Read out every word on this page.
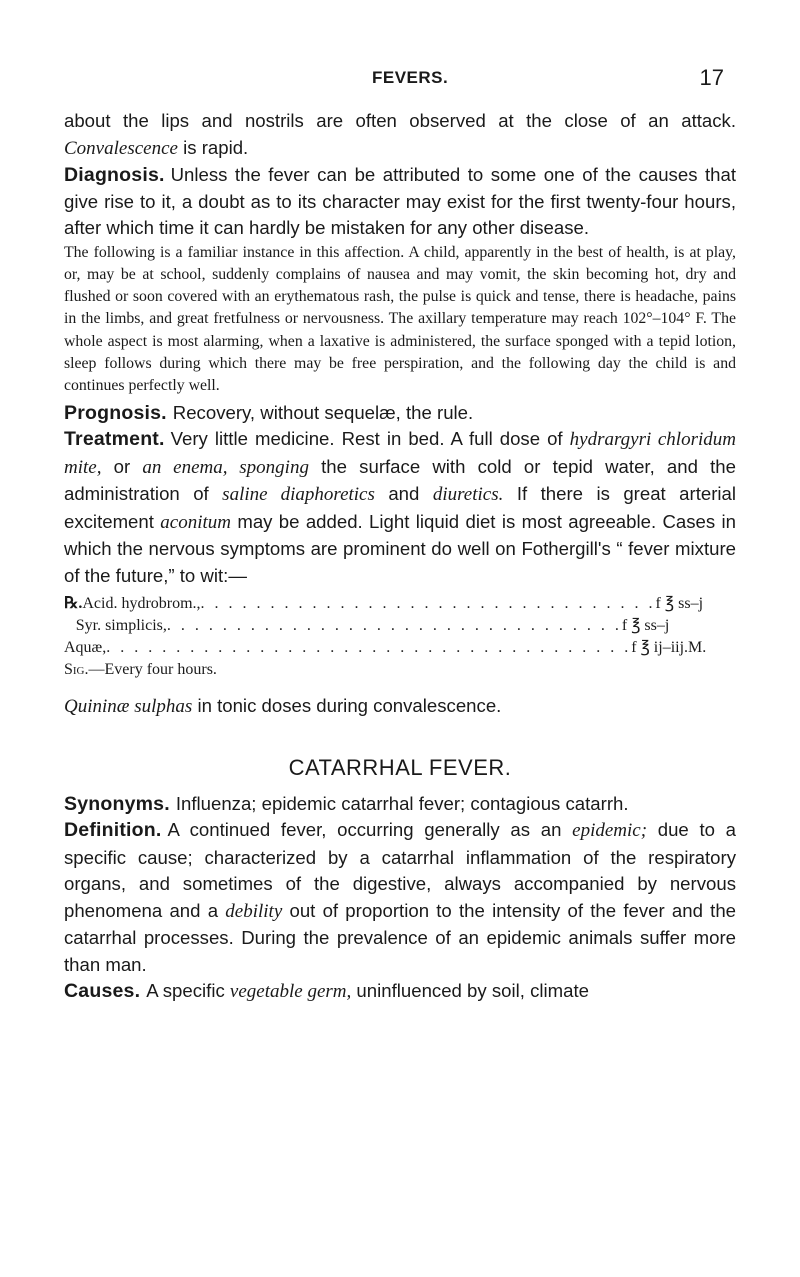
FEVERS.	17

about the lips and nostrils are often observed at the close of an attack. Convalescence is rapid.

Diagnosis. Unless the fever can be attributed to some one of the causes that give rise to it, a doubt as to its character may exist for the first twenty-four hours, after which time it can hardly be mistaken for any other disease.

The following is a familiar instance in this affection. A child, apparently in the best of health, is at play, or, may be at school, suddenly complains of nausea and may vomit, the skin becoming hot, dry and flushed or soon covered with an erythematous rash, the pulse is quick and tense, there is headache, pains in the limbs, and great fretfulness or nervousness. The axillary temperature may reach 102°–104° F. The whole aspect is most alarming, when a laxative is administered, the surface sponged with a tepid lotion, sleep follows during which there may be free perspiration, and the following day the child is and continues perfectly well.

Prognosis. Recovery, without sequelæ, the rule.

Treatment. Very little medicine. Rest in bed. A full dose of hydrargyri chloridum mite, or an enema, sponging the surface with cold or tepid water, and the administration of saline diaphoretics and diuretics. If there is great arterial excitement aconitum may be added. Light liquid diet is most agreeable. Cases in which the nervous symptoms are prominent do well on Fothergill's “ fever mixture of the future,” to wit:—

℞. Acid. hydrobrom., . . . . . . . . . . . . . . . . . . . . . . . . . . . . . . . . . f ℥ ss–j
Syr. simplicis, . . . . . . . . . . . . . . . . . . . . . . . . . . . . . . . . . f ℥ ss–j
Aquæ, . . . . . . . . . . . . . . . . . . . . . . . . . . . . . . . . . . . . . . f ℥ ij–iij. M.

Sig.—Every four hours.

Quininæ sulphas in tonic doses during convalescence.

CATARRHAL FEVER.

Synonyms. Influenza; epidemic catarrhal fever; contagious catarrh.

Definition. A continued fever, occurring generally as an epidemic; due to a specific cause; characterized by a catarrhal inflammation of the respiratory organs, and sometimes of the digestive, always accompanied by nervous phenomena and a debility out of proportion to the intensity of the fever and the catarrhal processes. During the prevalence of an epidemic animals suffer more than man.

Causes. A specific vegetable germ, uninfluenced by soil, climate
